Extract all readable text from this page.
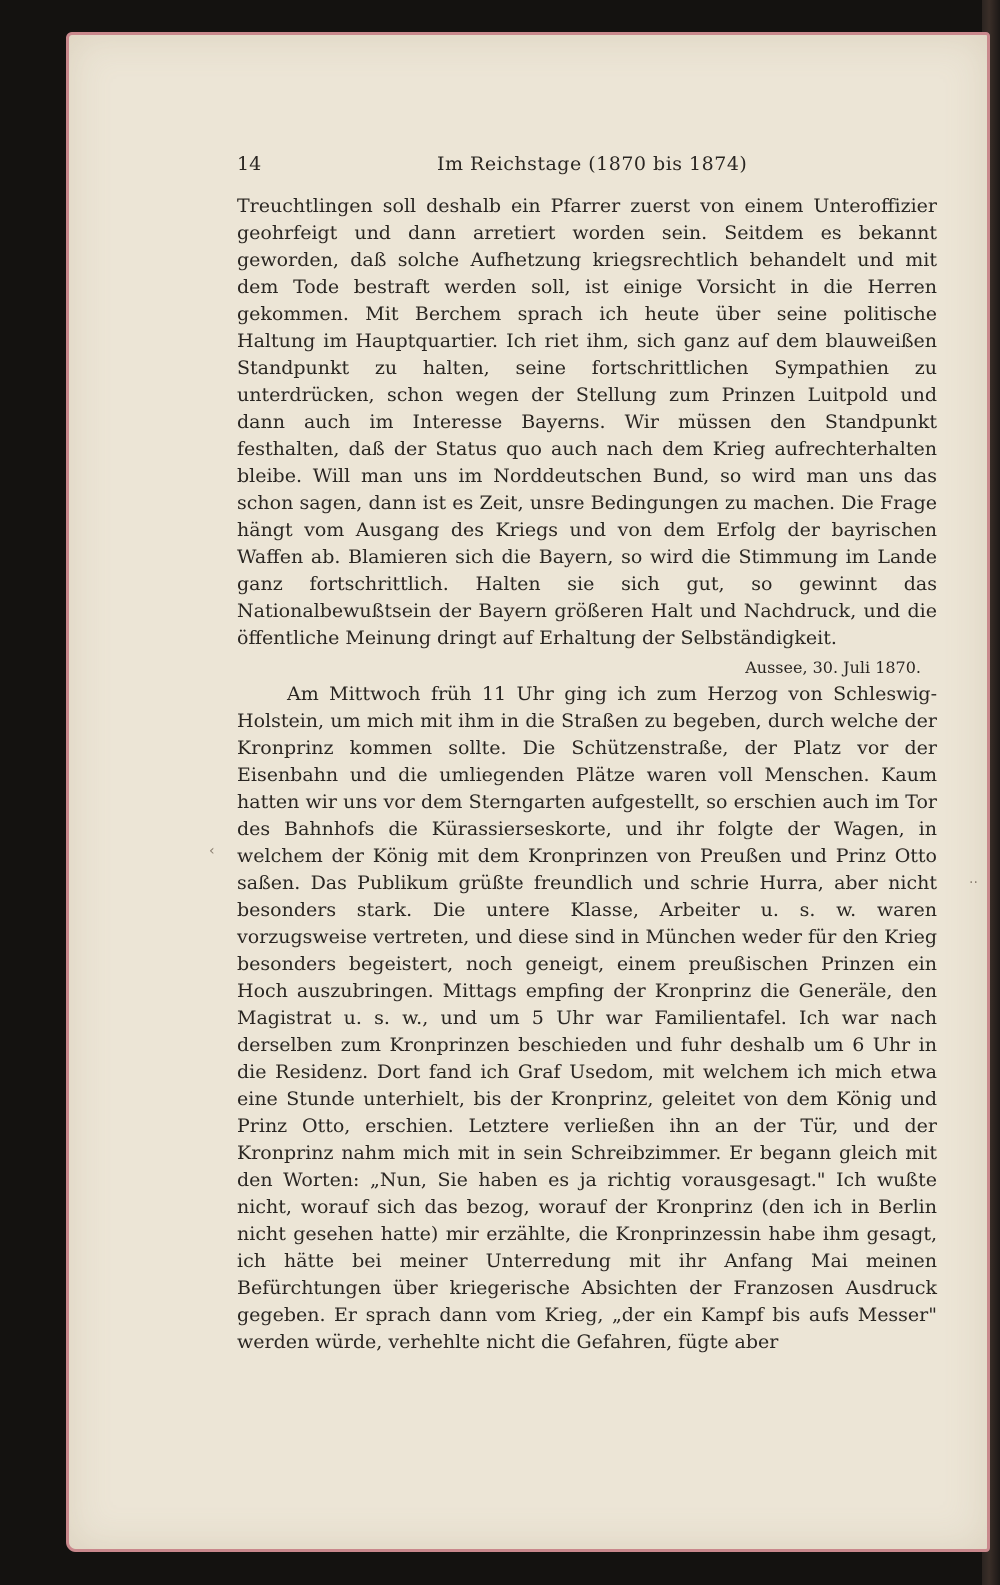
‹
··
14	Im Reichstage (1870 bis 1874)

Treuchtlingen soll deshalb ein Pfarrer zuerst von einem Unteroffizier geohrfeigt und dann arretiert worden sein. Seitdem es bekannt geworden, daß solche Aufhetzung kriegsrechtlich behandelt und mit dem Tode bestraft werden soll, ist einige Vorsicht in die Herren gekommen. Mit Berchem sprach ich heute über seine politische Haltung im Hauptquartier. Ich riet ihm, sich ganz auf dem blauweißen Standpunkt zu halten, seine fortschrittlichen Sympathien zu unterdrücken, schon wegen der Stellung zum Prinzen Luitpold und dann auch im Interesse Bayerns. Wir müssen den Standpunkt festhalten, daß der Status quo auch nach dem Krieg aufrechterhalten bleibe. Will man uns im Norddeutschen Bund, so wird man uns das schon sagen, dann ist es Zeit, unsre Bedingungen zu machen. Die Frage hängt vom Ausgang des Kriegs und von dem Erfolg der bayrischen Waffen ab. Blamieren sich die Bayern, so wird die Stimmung im Lande ganz fortschrittlich. Halten sie sich gut, so gewinnt das Nationalbewußtsein der Bayern größeren Halt und Nachdruck, und die öffentliche Meinung dringt auf Erhaltung der Selbständigkeit.

Aussee, 30. Juli 1870.

Am Mittwoch früh 11 Uhr ging ich zum Herzog von Schleswig-Holstein, um mich mit ihm in die Straßen zu begeben, durch welche der Kronprinz kommen sollte. Die Schützenstraße, der Platz vor der Eisenbahn und die umliegenden Plätze waren voll Menschen. Kaum hatten wir uns vor dem Sterngarten aufgestellt, so erschien auch im Tor des Bahnhofs die Kürassierseskorte, und ihr folgte der Wagen, in welchem der König mit dem Kronprinzen von Preußen und Prinz Otto saßen. Das Publikum grüßte freundlich und schrie Hurra, aber nicht besonders stark. Die untere Klasse, Arbeiter u. s. w. waren vorzugsweise vertreten, und diese sind in München weder für den Krieg besonders begeistert, noch geneigt, einem preußischen Prinzen ein Hoch auszubringen. Mittags empfing der Kronprinz die Generäle, den Magistrat u. s. w., und um 5 Uhr war Familientafel. Ich war nach derselben zum Kronprinzen beschieden und fuhr deshalb um 6 Uhr in die Residenz. Dort fand ich Graf Usedom, mit welchem ich mich etwa eine Stunde unterhielt, bis der Kronprinz, geleitet von dem König und Prinz Otto, erschien. Letztere verließen ihn an der Tür, und der Kronprinz nahm mich mit in sein Schreibzimmer. Er begann gleich mit den Worten: „Nun, Sie haben es ja richtig vorausgesagt." Ich wußte nicht, worauf sich das bezog, worauf der Kronprinz (den ich in Berlin nicht gesehen hatte) mir erzählte, die Kronprinzessin habe ihm gesagt, ich hätte bei meiner Unterredung mit ihr Anfang Mai meinen Befürchtungen über kriegerische Absichten der Franzosen Ausdruck gegeben. Er sprach dann vom Krieg, „der ein Kampf bis aufs Messer" werden würde, verhehlte nicht die Gefahren, fügte aber
